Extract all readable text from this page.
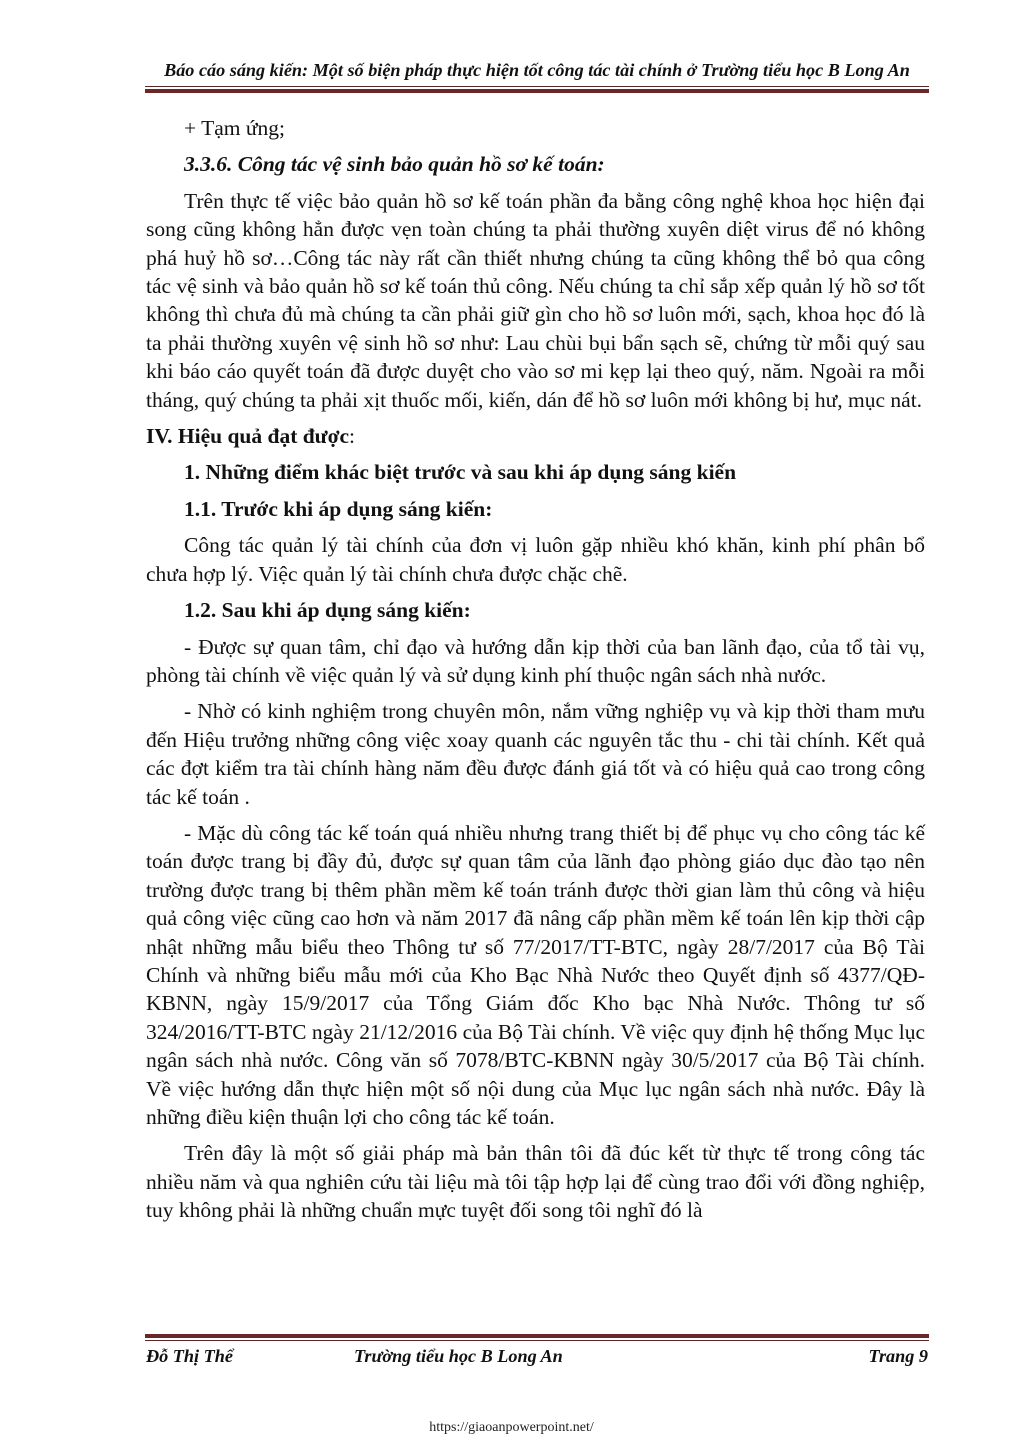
Báo cáo sáng kiến: Một số biện pháp thực hiện tốt công tác tài chính ở Trường tiểu học B Long An

+ Tạm ứng;

3.3.6. Công tác vệ sinh bảo quản hồ sơ kế toán:

Trên thực tế việc bảo quản hồ sơ kế toán phần đa bằng công nghệ khoa học hiện đại song cũng không hẳn được vẹn toàn chúng ta phải thường xuyên diệt virus để nó không phá huỷ hồ sơ…Công tác này rất cần thiết nhưng chúng ta cũng không thể bỏ qua công tác vệ sinh và bảo quản hồ sơ kế toán thủ công. Nếu chúng ta chỉ sắp xếp quản lý hồ sơ tốt không thì chưa đủ mà chúng ta cần phải giữ gìn cho hồ sơ luôn mới, sạch, khoa học đó là ta phải thường xuyên vệ sinh hồ sơ như: Lau chùi bụi bẩn sạch sẽ, chứng từ mỗi quý sau khi báo cáo quyết toán đã được duyệt cho vào sơ mi kẹp lại theo quý, năm. Ngoài ra mỗi tháng, quý chúng ta phải xịt thuốc mối, kiến, dán để hồ sơ luôn mới không bị hư, mục nát.

IV. Hiệu quả đạt được:

1. Những điểm khác biệt trước và sau khi áp dụng sáng kiến

1.1. Trước khi áp dụng sáng kiến:

Công tác quản lý tài chính của đơn vị luôn gặp nhiều khó khăn, kinh phí phân bổ chưa hợp lý. Việc quản lý tài chính chưa được chặc chẽ.

1.2. Sau khi áp dụng sáng kiến:

- Được sự quan tâm, chỉ đạo và hướng dẫn kịp thời của ban lãnh đạo, của tổ tài vụ, phòng tài chính về việc quản lý và sử dụng kinh phí thuộc ngân sách nhà nước.

- Nhờ có kinh nghiệm trong chuyên môn, nắm vững nghiệp vụ và kịp thời tham mưu đến Hiệu trưởng những công việc xoay quanh các nguyên tắc thu - chi tài chính. Kết quả các đợt kiểm tra tài chính hàng năm đều được đánh giá tốt và có hiệu quả cao trong công tác kế toán .

- Mặc dù công tác kế toán quá nhiều nhưng trang thiết bị để phục vụ cho công tác kế toán được trang bị đầy đủ, được sự quan tâm của lãnh đạo phòng giáo dục đào tạo nên trường được trang bị thêm phần mềm kế toán tránh được thời gian làm thủ công và hiệu quả công việc cũng cao hơn và năm 2017 đã nâng cấp phần mềm kế toán lên kịp thời cập nhật những mẫu biểu theo Thông tư số 77/2017/TT-BTC, ngày 28/7/2017 của Bộ Tài Chính và những biểu mẫu mới của Kho Bạc Nhà Nước theo Quyết định số 4377/QĐ-KBNN, ngày 15/9/2017 của Tổng Giám đốc Kho bạc Nhà Nước. Thông tư số 324/2016/TT-BTC ngày 21/12/2016 của Bộ Tài chính. Về việc quy định hệ thống Mục lục ngân sách nhà nước. Công văn số 7078/BTC-KBNN ngày 30/5/2017 của Bộ Tài chính. Về việc hướng dẫn thực hiện một số nội dung của Mục lục ngân sách nhà nước. Đây là những điều kiện thuận lợi cho công tác kế toán.

Trên đây là một số giải pháp mà bản thân tôi đã đúc kết từ thực tế trong công tác nhiều năm và qua nghiên cứu tài liệu mà tôi tập hợp lại để cùng trao đổi với đồng nghiệp, tuy không phải là những chuẩn mực tuyệt đối song tôi nghĩ đó là

Đỗ Thị Thể	Trường tiểu học B Long An	Trang 9
https://giaoanpowerpoint.net/
